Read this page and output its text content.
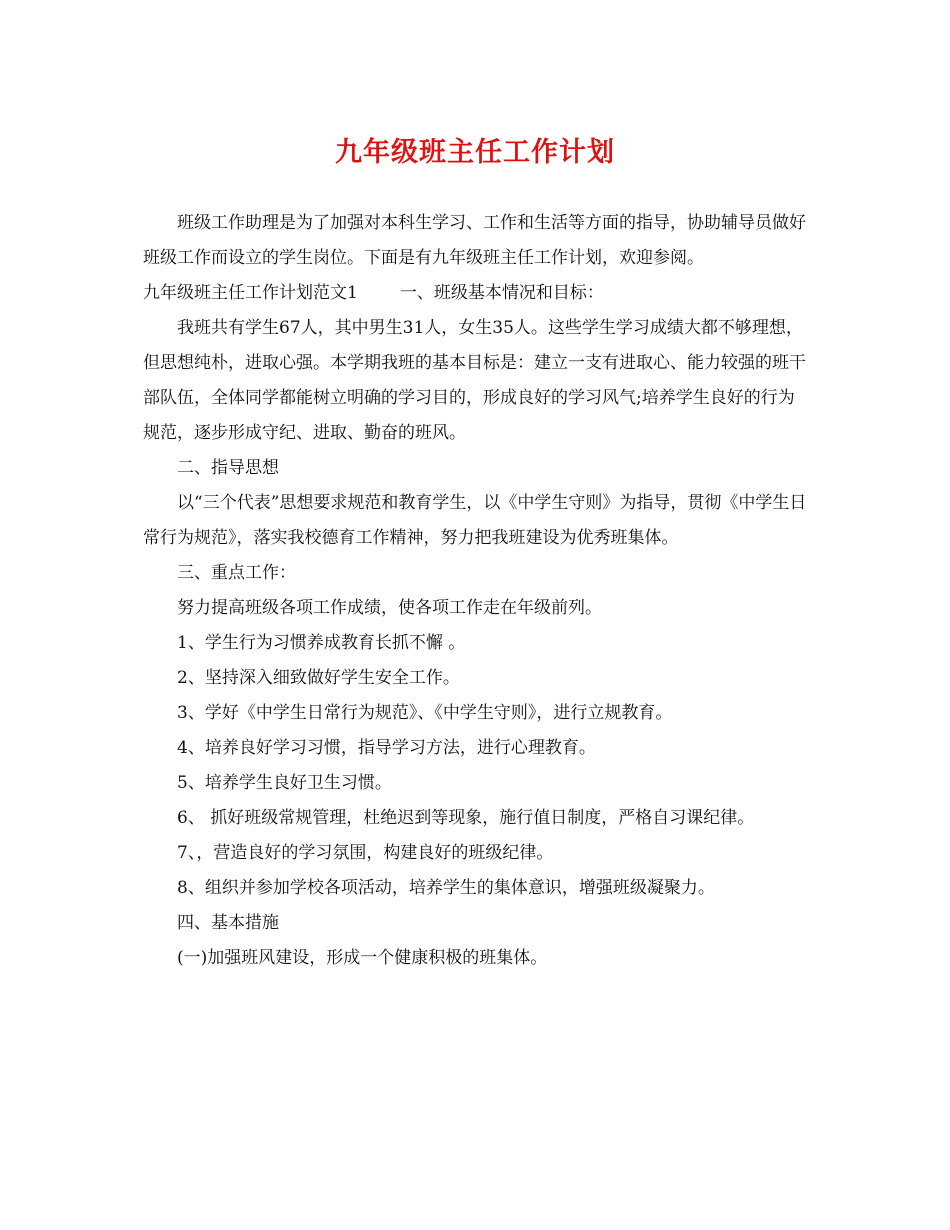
九年级班主任工作计划

班级工作助理是为了加强对本科生学习、工作和生活等方面的指导，协助辅导员做好班级工作而设立的学生岗位。下面是有九年级班主任工作计划，欢迎参阅。

九年级班主任工作计划范文1 一、班级基本情况和目标：

我班共有学生67人，其中男生31人，女生35人。这些学生学习成绩大都不够理想，但思想纯朴，进取心强。本学期我班的基本目标是：建立一支有进取心、能力较强的班干部队伍，全体同学都能树立明确的学习目的，形成良好的学习风气;培养学生良好的行为规范，逐步形成守纪、进取、勤奋的班风。

二、指导思想

以“三个代表”思想要求规范和教育学生，以《中学生守则》为指导，贯彻《中学生日常行为规范》，落实我校德育工作精神，努力把我班建设为优秀班集体。

三、重点工作：

努力提高班级各项工作成绩，使各项工作走在年级前列。

1、学生行为习惯养成教育长抓不懈 。

2、坚持深入细致做好学生安全工作。

3、学好《中学生日常行为规范》、《中学生守则》，进行立规教育。

4、培养良好学习习惯，指导学习方法，进行心理教育。

5、培养学生良好卫生习惯。

6、 抓好班级常规管理，杜绝迟到等现象，施行值日制度，严格自习课纪律。

7、，营造良好的学习氛围，构建良好的班级纪律。

8、组织并参加学校各项活动，培养学生的集体意识，增强班级凝聚力。

四、基本措施

(一)加强班风建设，形成一个健康积极的班集体。
